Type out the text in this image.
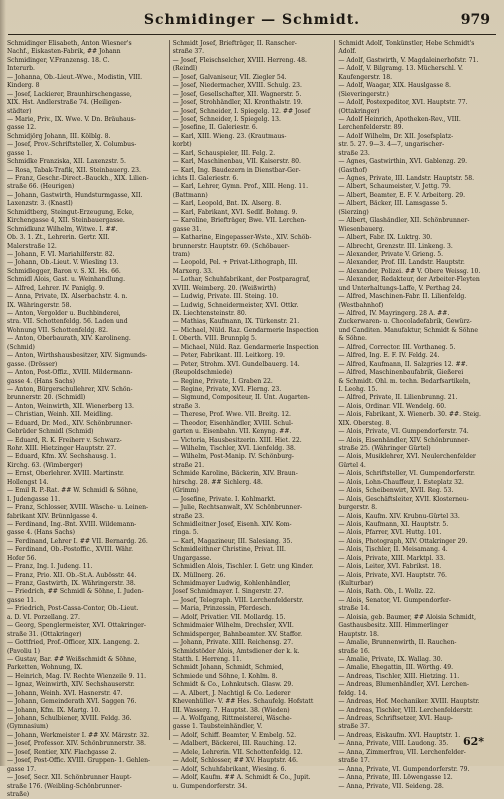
Schmidinger — Schmidt.	979
Schmidinger Elisabeth, Anton Wiesner's
Nachf., Eiskasten-Fabrik, ## Johann
Schmidinger, V.Franzensg. 18. C.
Interurb.
— Johanna, Ob.-Lieut.-Wwe., Modistin, VIII.
Kinderg. 8
— Josef, Lackierer, Braunhirschengasse,
XIX. Hst. Andlerstraße 74. (Heiligen-
städter)
— Marie, Priv., IX. Wwe. V. Dn. Bräuhaus-
gasse 12.
Schmidjörg Johann, III. Kölblg. 8.
— Josef, Prov.-Schriftsteller, X. Columbus-
gasse 1.
Schmidke Franziska, XII. Laxenzstr. 5.
— Rosa, Tabak-Trafik, XII. Steinbauerg. 23.
— Franz, Geschr.-Direct.-Bauckh., XIX. Lilien-
straße 66. (Heurigen)
— Johann, Gastwirth, Hundsturmgasse, XII.
Laxenzstr. 3. (Knastl)
Schmidtberg, Steingut-Erzeugung, Ecke,
Kirchengasse 4, XII. Steinbauergasse.
Schmidkunz Wilhelm, Witwe. I. ##.
Ob. 3. 1. Zt., Lehrerin. Gertr. XII.
Malerstraße 12.
— Johann, F. VI. Mariahilferstr. 82.
— Johann, Ob.-Lieut. V. Wiesling 13.
Schmidlegger, Baron v. S. XI. Hs. 66.
Schmidl Alois, Gast. u. Weinhandlung.
— Alfred, Lehrer. IV. Paniglg. 9.
— Anna, Private, IX. Alserbachstr. 4. n.
IX. Währingerstr. 58.
— Anton, Vergolder u. Buchbinderei,
stra. VII. Schottenfeldg. 56. Laden und
Wohnung VII. Schottenfeldg. 82.
— Anton, Oberbaurath, XIV. Karolineng.
(Schmid)
— Anton, Wirthshausbesitzer, XIV. Sigmunds-
gasse. (Drösser)
— Anton, Post-Offiz., XVIII. Mildermann-
gasse 4. (Hans Sachs)
— Anton, Bürgerschullehrer, XIV. Schön-
brunnerstr. 20. (Schmidl)
— Anton, Weinwirth, XII. Wienerberg 13.
— Christian, Weinh. XII. Meidling.
— Eduard, Dr. Med., XIV. Schönbrunner-
Gebrüder Schmidl (Schmid)
— Eduard, R. K. Freiherr v. Schwarz-
Rohr. XIII. Hietzinger Hauptstr. 27.
— Eduard, Kfm. XV. Sechshausg. 1.
Kirchg. 63. (Wimberger)
— Ernst, Oberlehrer. XVIII. Martinstr.
Hollengst 14.
— Emil R. P.-Rat. ## W. Schmidl & Söhne,
I. Judengasse 11.
— Franz, Schlosser, XVIII. Wäsche- u. Leinen-
fabrikant XIV. Brünnlgasse 4.
— Ferdinand, Ing.-Bnt. XVIII. Wildemann-
gasse 4. (Hans Sachs)
— Ferdinand, Lehrer I. ## VII. Bernardg. 26.
— Ferdinand, Ob.-Postoffic., XVIII. Währ.
Hofer 56.
— Franz, Ing. I. Judeng. 11.
— Franz, Prio. XII. Ob.-St.A. Aubösstr. 44.
— Franz, Gastwirth, IX. Währingerstr. 38.
— Friedrich, ## Schmidl & Söhne, I. Juden-
gasse 11.
— Friedrich, Post-Cassa-Contor, Ob.-Lieut.
a. D. VI. Porzellang. 27.
— Georg, Spenglermeister, XVI. Ottakringer-
straße 31. (Ottakringer)
— Gottfried, Prof.-Officer, XIX. Langeng. 2.
(Pavoliu 1)
— Gustav, Bar. ## Weißschmidt & Söhne,
Parketten, Wohnung, IX.
— Heinrich, Mag. IV. Rechte Wienzeile 9. 11.
— Ignaz, Weinwirth, XIV. Sechshauserstr.
— Johann, Weinh. XVI. Hasnerstr. 47.
— Johann, Gemeinderath XVI. Saggen 76.
— Johann, Kfm. IX. Martg. 10.
— Johann, Schulbiener, XVIII. Feldg. 36.
(Gymnasium)
— Johann, Werkmeister I. ## XV. Märzstr. 32.
— Josef, Professor. XIV. Schönbrunnerstr. 38.
— Josef, Rentier, XIV. Flachgasse 2.
— Josef, Post-Offic. XVIII. Gruppen- 1. Gehlen-
gasse 17.
— Josef, Secr. XII. Schönbrunner Haupt-
straße 176. (Weibling-Schönbrunner-
straße)
Schmidt Josef, Briefträger, II. Ranscher-
straße 37.
— Josef, Fleischselcher, XVIII. Herreng. 48.
(Reindl)
— Josef, Galvaniseur, VII. Ziegler 54.
— Josef, Niedermacher, XVIII. Schulg. 23.
— Josef, Gesellschafter, XII. Wagnerstr. 5.
— Josef, Strohhändler, XI. Kronthalstr. 19.
— Josef, Schneider, I. Spiegelg. 12. ## Josef
— Josef, Schneider, I. Spiegelg. 13.
— Josefine, II. Galeriestr. 6.
— Karl, XIII. Wieng. 23. (Krautmaus-
korbt)
— Karl, Schauspieler, III. Felg. 2.
— Karl, Maschinenbau, VII. Kaiserstr. 80.
— Karl, Ing. Baudezern in Dienstbar-Ger-
ichts II. Galeriestr. 6.
— Karl, Lehrer, Gymn. Prof., XIII. Heng. 11.
(Battmann)
— Karl, Leopold, Bnt. IX. Alserg. 8.
— Karl, Fabrikant, XVI. Sedlf. Bohmg. 9.
— Karoline, Briefträger, Bwe. VII. Lerchen-
gasse 31.
— Katharine, Eingepasser-Wste., XIV. Schöb-
brunnerstr. Hauptstr. 69. (Schöbauer-
tram)
— Leopold, Pel. + Privat-Lithograph, III.
Marxerg. 33.
— Lothar, Schuhfabrikant, der Postparagraf,
XVIII. Weimberg. 20. (Weißwirth)
— Ludwig, Private. III. Steing. 10.
— Ludwig, Schneidermeister, XVI. Ottkr.
IX. Liechtensteinstr. 80.
— Mathias, Kaufmann, IX. Türkenstr. 21.
— Michael, Nüld. Raz. Gendarmerie Inspection
I. Oberth. VIII. Brunnplg 5.
— Michael, Nüld. Raz. Gendarmerie Inspection
— Peter, Fabrikant. III. Leitkorg. 19.
— Peter, Strohm. XVI. Gundelbauerg. 14.
(Reupoldschmiede)
— Regine, Private, I. Graben 22.
— Regine, Private, XVI. Flerng. 23.
— Sigmund, Compositeur, II. Unt. Augarten-
straße 3.
— Therese, Prof. Wwe. VII. Breitg. 12.
— Theodor, Eisenhändler, XVIII. Schul-
garten u. Eisenbahn. VII. Kenyng. ##.
— Victoria, Hausbesitzerin. XIII. Hiet. 22.
— Wilhelm, Tischler, XVI. Lienfeldg. 38.
— Wilhelm, Post-Manip. IV. Schönburg-
straße 21.
Schmide Karoline, Bäckerin, XIV. Braun-
hirschg. 28. ## Sichlerg. 48.
(Grimm)
— Josefine, Private. I. Kohlmarkt.
— Julie, Rechtsanwalt, XV. Schönbrunner-
straße 23.
Schmidleitner Josef, Eisenh. XIV. Kom-
ringa. 5.
— Karl, Magazineur, III. Salesiang. 35.
Schmidleithner Christine, Privat. III.
Ungargasse.
Schmidlen Alois, Tischler. I. Getr. ung Kinder.
IX. Müllnerg. 26.
Schmidmayer Ludwig, Kohlenhändler,
Josef Schmidmayer. I. Singerstr. 27.
— Josef, Telegraph. VIII. Lerchenfelderstr.
— Maria, Prinzessin, Pferdesch.
— Adolf, Privatier. VII. Mollardg. 15.
Schmidmaier Wilhelm, Drechsler, XVII.
Schmidsperger, Bahnbeamter. XV. Staffor.
— Johann, Private. XIII. Reichensg. 27.
Schmidstöder Alois, Amtsdiener der k. k.
Statth. I. Herreng. 11.
Schmidt Johann, Schmidt, Schmied,
Schmiede und Söhne, I. Kohlm. 8.
Schmidt & Co., Lohnkutsch. Glasw. 29.
— A. Albert, J. Nachtigl & Co. Lederer
Khevenhüller- V. ## Hes. Schaufelg. Hofstatt
III. Wasserg. 7. Hauptst. 38. (Wieden)
— A. Wolfgang, Rittmeisterei, Wäsche-
gasse 1. Taubsteinhändler, V.
— Adolf, Schiff. Beamter, V. Embelg. 52.
— Adalbert, Bäckerei, III. Rauching. 12.
— Adele, Lehrerin. VII. Schottenfeldg. 12.
— Adolf, Schlosser, ## XV. Hauptstr. 46.
— Adolf, Schuhfabrikant, Wiesing. 6.
— Adolf, Kaufm. ## A. Schmidt & Co., Jupit.
u. Gumpendorferstr. 34.
Schmidt Adolf, Tonkünstler, Hebe Schmidt's
Adolf.
— Adolf, Gastwirth, V. Magdaleinerhofstr. 71.
— Adolf, V. Bilgramg. 13. Mücherschl. V.
Kaufengerstr. 18.
— Adolf, Waagar, XIX. Hauslgasse 8.
(Sieveringerstr.)
— Adolf, Postexpeditor, XVI. Hauptstr. 77.
(Ottakringer)
— Adolf Heinrich, Apotheken-Rev., VIII.
Lerchenfelderstr. 89.
— Adolf Wilhelm, Dr. XII. Josefsplatz-
str. 5. 27. 9—3. 4—7, ungarischer-
straße 23.
— Agnes, Gastwirthin, XVI. Gablenzg. 29.
(Gasthof)
— Agnes, Private, III. Landstr. Hauptstr. 58.
— Albert, Schaumeister, V. Jettg. 79.
— Albert, Beamter, E. F. V. Arbeiterg. 29.
— Albert, Bäcker, III. Lamsgasse 5.
(Sierzing)
— Albert, Glashändler, XII. Schönbrunner-
Wiesenbauerg.
— Albert, Fabr. IX. Luktrg. 30.
— Albrecht, Grenzstr. III. Linkeng. 3.
— Alexander, Private V. Grieng. 5.
— Alexander, Prof. III. Landstr. Hauptstr.
— Alexander, Polizei. ## V. Obere Weissg. 10.
— Alexander, Redakteur, der Arbeiter-Fleyten
und Unterhaltungs-Laffe, V. Perthag 24.
— Alfred, Maschinen-Fabr. II. Lilienfeldg.
(Westbahnhof)
— Alfred, IV. Mayringerg. 28 A. ##.
Zuckerwaren- u. Chocoladefabrik, Gewürz-
und Canditen. Manufaktur, Schmidt & Söhne
& Söhne.
— Alfred, Corrector. III. Vorthaneg. 5.
— Alfred, Ing. E. F. IV. Feldg. 24.
— Alfred, Kaufmann, II. Salzgries 12. ##.
— Alfred, Maschinenbaufabrik, Gießerei
& Schmidt. Ohl. m. techn. Bedarfsartikeln,
I. Leohg. 15.
— Alfred, Private, II. Lilienbrunng. 21.
— Alois, Ordinar. VII. Wendelg. 60.
— Alois, Fabrikant, X. Wienerb. 30. ##. Steig.
XIX. Obersteg. 8.
— Alois, Private, VI. Gumpendorferstr. 74.
— Alois, Eisenhändler, XIV. Schönbrunner-
straße 25. (Währinger Gürtel)
— Alois, Musiklehrer, XVI. Neulerchenfelder
Gürtel 4.
— Alois, Schriftsteller, VI. Gumpendorferstr.
— Alois, Lohn-Chauffeur, I. Esteplatz 32.
— Alois, Scheibenwirt, XVII. Reg. 53.
— Alois, Geschäftsleiter, XVII. Klosterneu-
burgerstr. 8.
— Alois, Kaufm. XIV. Krubnu-Gürtel 33.
— Alois, Kaufmann, XI. Hauptstr. 5.
— Alois, Pfarrer, XVI. Huttg. 101.
— Alois, Photograph, XIV. Ottakringer 29.
— Alois, Tischler, II. Meisamang. 4.
— Alois, Private, XIII. Marktpl. 33.
— Alois, Leiter, XVI. Fabrikst. 18.
— Alois, Private, XVI. Hauptstr. 76.
(Kulturbar)
— Alois, Rath. Ob., I. Wollz. 22.
— Alois, Senator, VI. Gumpendorfer-
straße 14.
— Aloisia, geb. Baumer, ## Aloisia Schmidt,
Gasthausbesitz. XIII. Himmerlinger
Hauptstr. 18.
— Amalie, Brunnenwirth, II. Rauchen-
straße 16.
— Amalie, Private, IX. Wallag. 30.
— Amalie, Ehegattin, III. Wörthg. 49.
— Andreas, Tischler, XIII. Hietzing. 11.
— Andreas, Blumenhändler, XVI. Lerchen-
feldg. 14.
— Andreas, Hof. Mechaniker. XVIII. Hauptstr.
— Andreas, Tischler, VIII. Lerchenfelderstr.
— Andreas, Schriftsetzer, XVI. Haup-
straße 37.
— Andreas, Eiskaufm. XVI. Hauptstr. 1.
— Anna, Private, VIII. Laudong. 35.
— Anna, Zimmerfrau, VII. Lerchenfelder-
straße 17.
— Anna, Private, VI. Gumpendorferstr. 79.
— Anna, Private, III. Löwengasse 12.
— Anna, Private, VII. Seideng. 28.
62*
